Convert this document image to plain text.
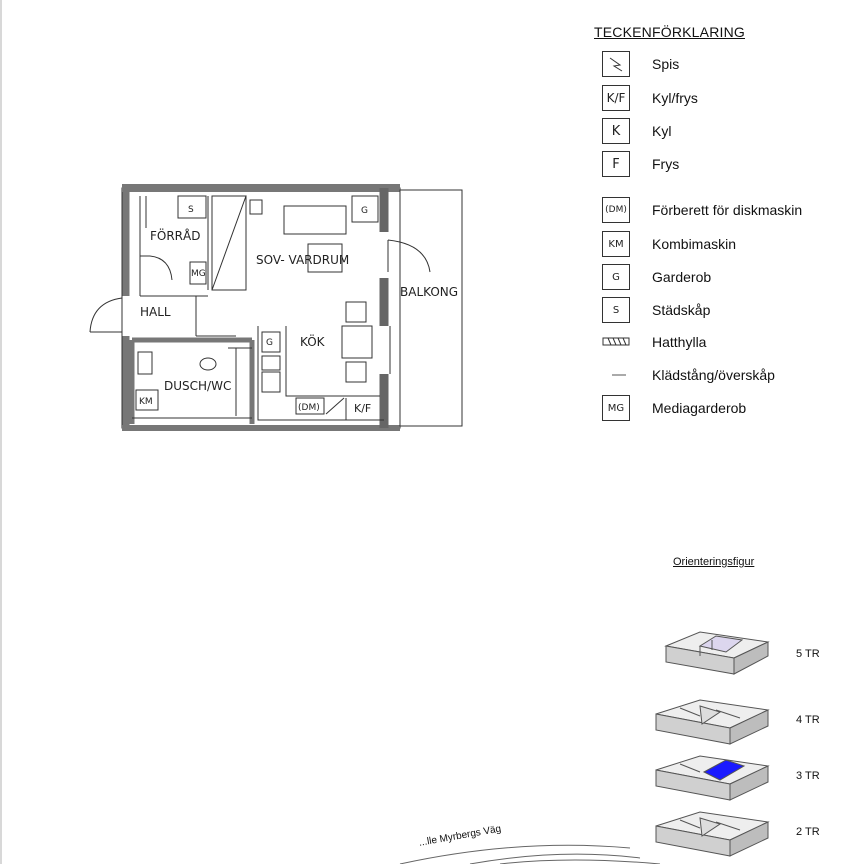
FÖRRÅD
SOV- VARDRUM
HALL
KÖK
DUSCH/WC
BALKONG
S	G
G
MG
KM
(DM)	K/F
TECKENFÖRKLARING
Spis
K/F	Kyl/frys
K	Kyl
F	Frys
(DM) Förberett för diskmaskin
KM	Kombimaskin
G	Garderob
S	Städskåp
Hatthylla
Klädstång/överskåp
MG	Mediagarderob
Orienteringsfigur
5 TR
4 TR
3 TR
2 TR
...lle Myrbergs Väg
